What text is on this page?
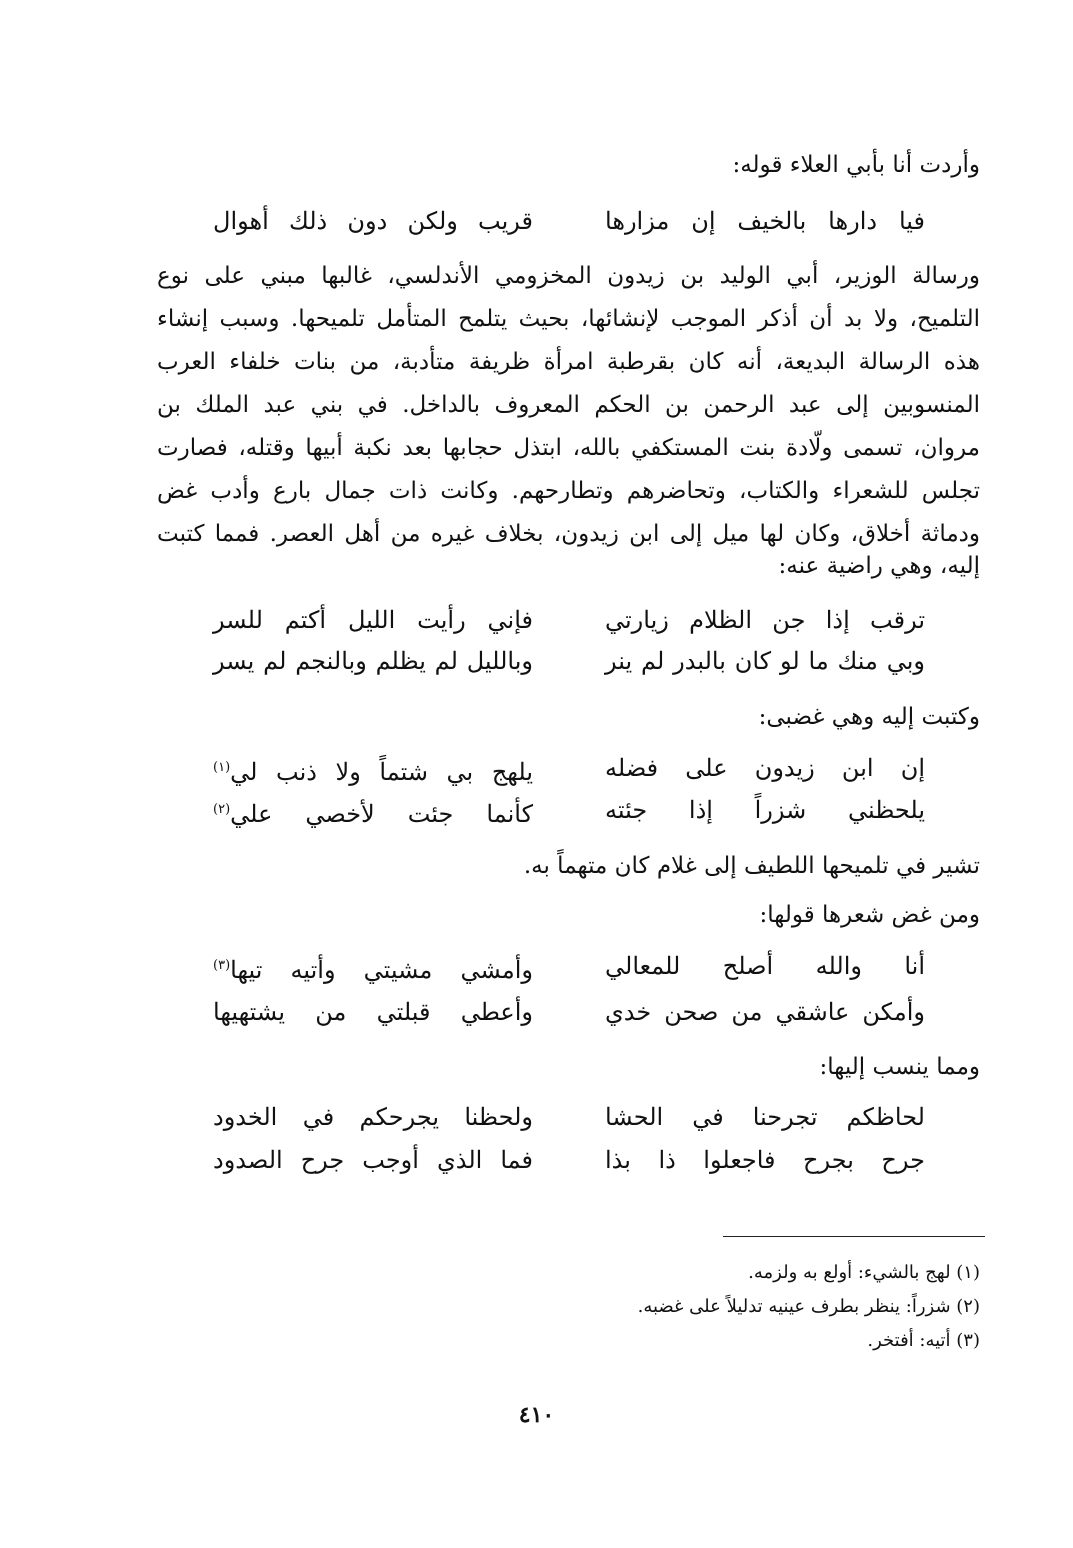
وأردت أنا بأبي العلاء قوله:
فيا دارها بالخيف إن مزارها
قريب ولكن دون ذلك أهوال
ورسالة الوزير، أبي الوليد بن زيدون المخزومي الأندلسي، غالبها مبني على نوع
التلميح، ولا بد أن أذكر الموجب لإنشائها، بحيث يتلمح المتأمل تلميحها. وسبب إنشاء
هذه الرسالة البديعة، أنه كان بقرطبة امرأة ظريفة متأدبة، من بنات خلفاء العرب
المنسوبين إلى عبد الرحمن بن الحكم المعروف بالداخل. في بني عبد الملك بن
مروان، تسمى ولّادة بنت المستكفي بالله، ابتذل حجابها بعد نكبة أبيها وقتله، فصارت
تجلس للشعراء والكتاب، وتحاضرهم وتطارحهم. وكانت ذات جمال بارع وأدب غض
ودماثة أخلاق، وكان لها ميل إلى ابن زيدون، بخلاف غيره من أهل العصر. فمما كتبت
إليه، وهي راضية عنه:
ترقب إذا جن الظلام زيارتي
فإني رأيت الليل أكتم للسر
وبي منك ما لو كان بالبدر لم ينر
وبالليل لم يظلم وبالنجم لم يسر
وكتبت إليه وهي غضبى:
إن ابن زيدون على فضله
يلهج بي شتماً ولا ذنب لي$^{(١)}$
يلحظني شزراً إذا جئته
كأنما جئت لأخصي علي$^{(٢)}$
تشير في تلميحها اللطيف إلى غلام كان متهماً به.
ومن غض شعرها قولها:
أنا والله أصلح للمعالي
وأمشي مشيتي وأتيه تيها$^{(٣)}$
وأمكن عاشقي من صحن خدي
وأعطي قبلتي من يشتهيها
ومما ينسب إليها:
لحاظكم تجرحنا في الحشا
ولحظنا يجرحكم في الخدود
جرح بجرح فاجعلوا ذا بذا
فما الذي أوجب جرح الصدود
(١) لهج بالشيء: أولع به ولزمه.
(٢) شزراً: ينظر بطرف عينيه تدليلاً على غضبه.
(٣) أتيه: أفتخر.
٤١٠
